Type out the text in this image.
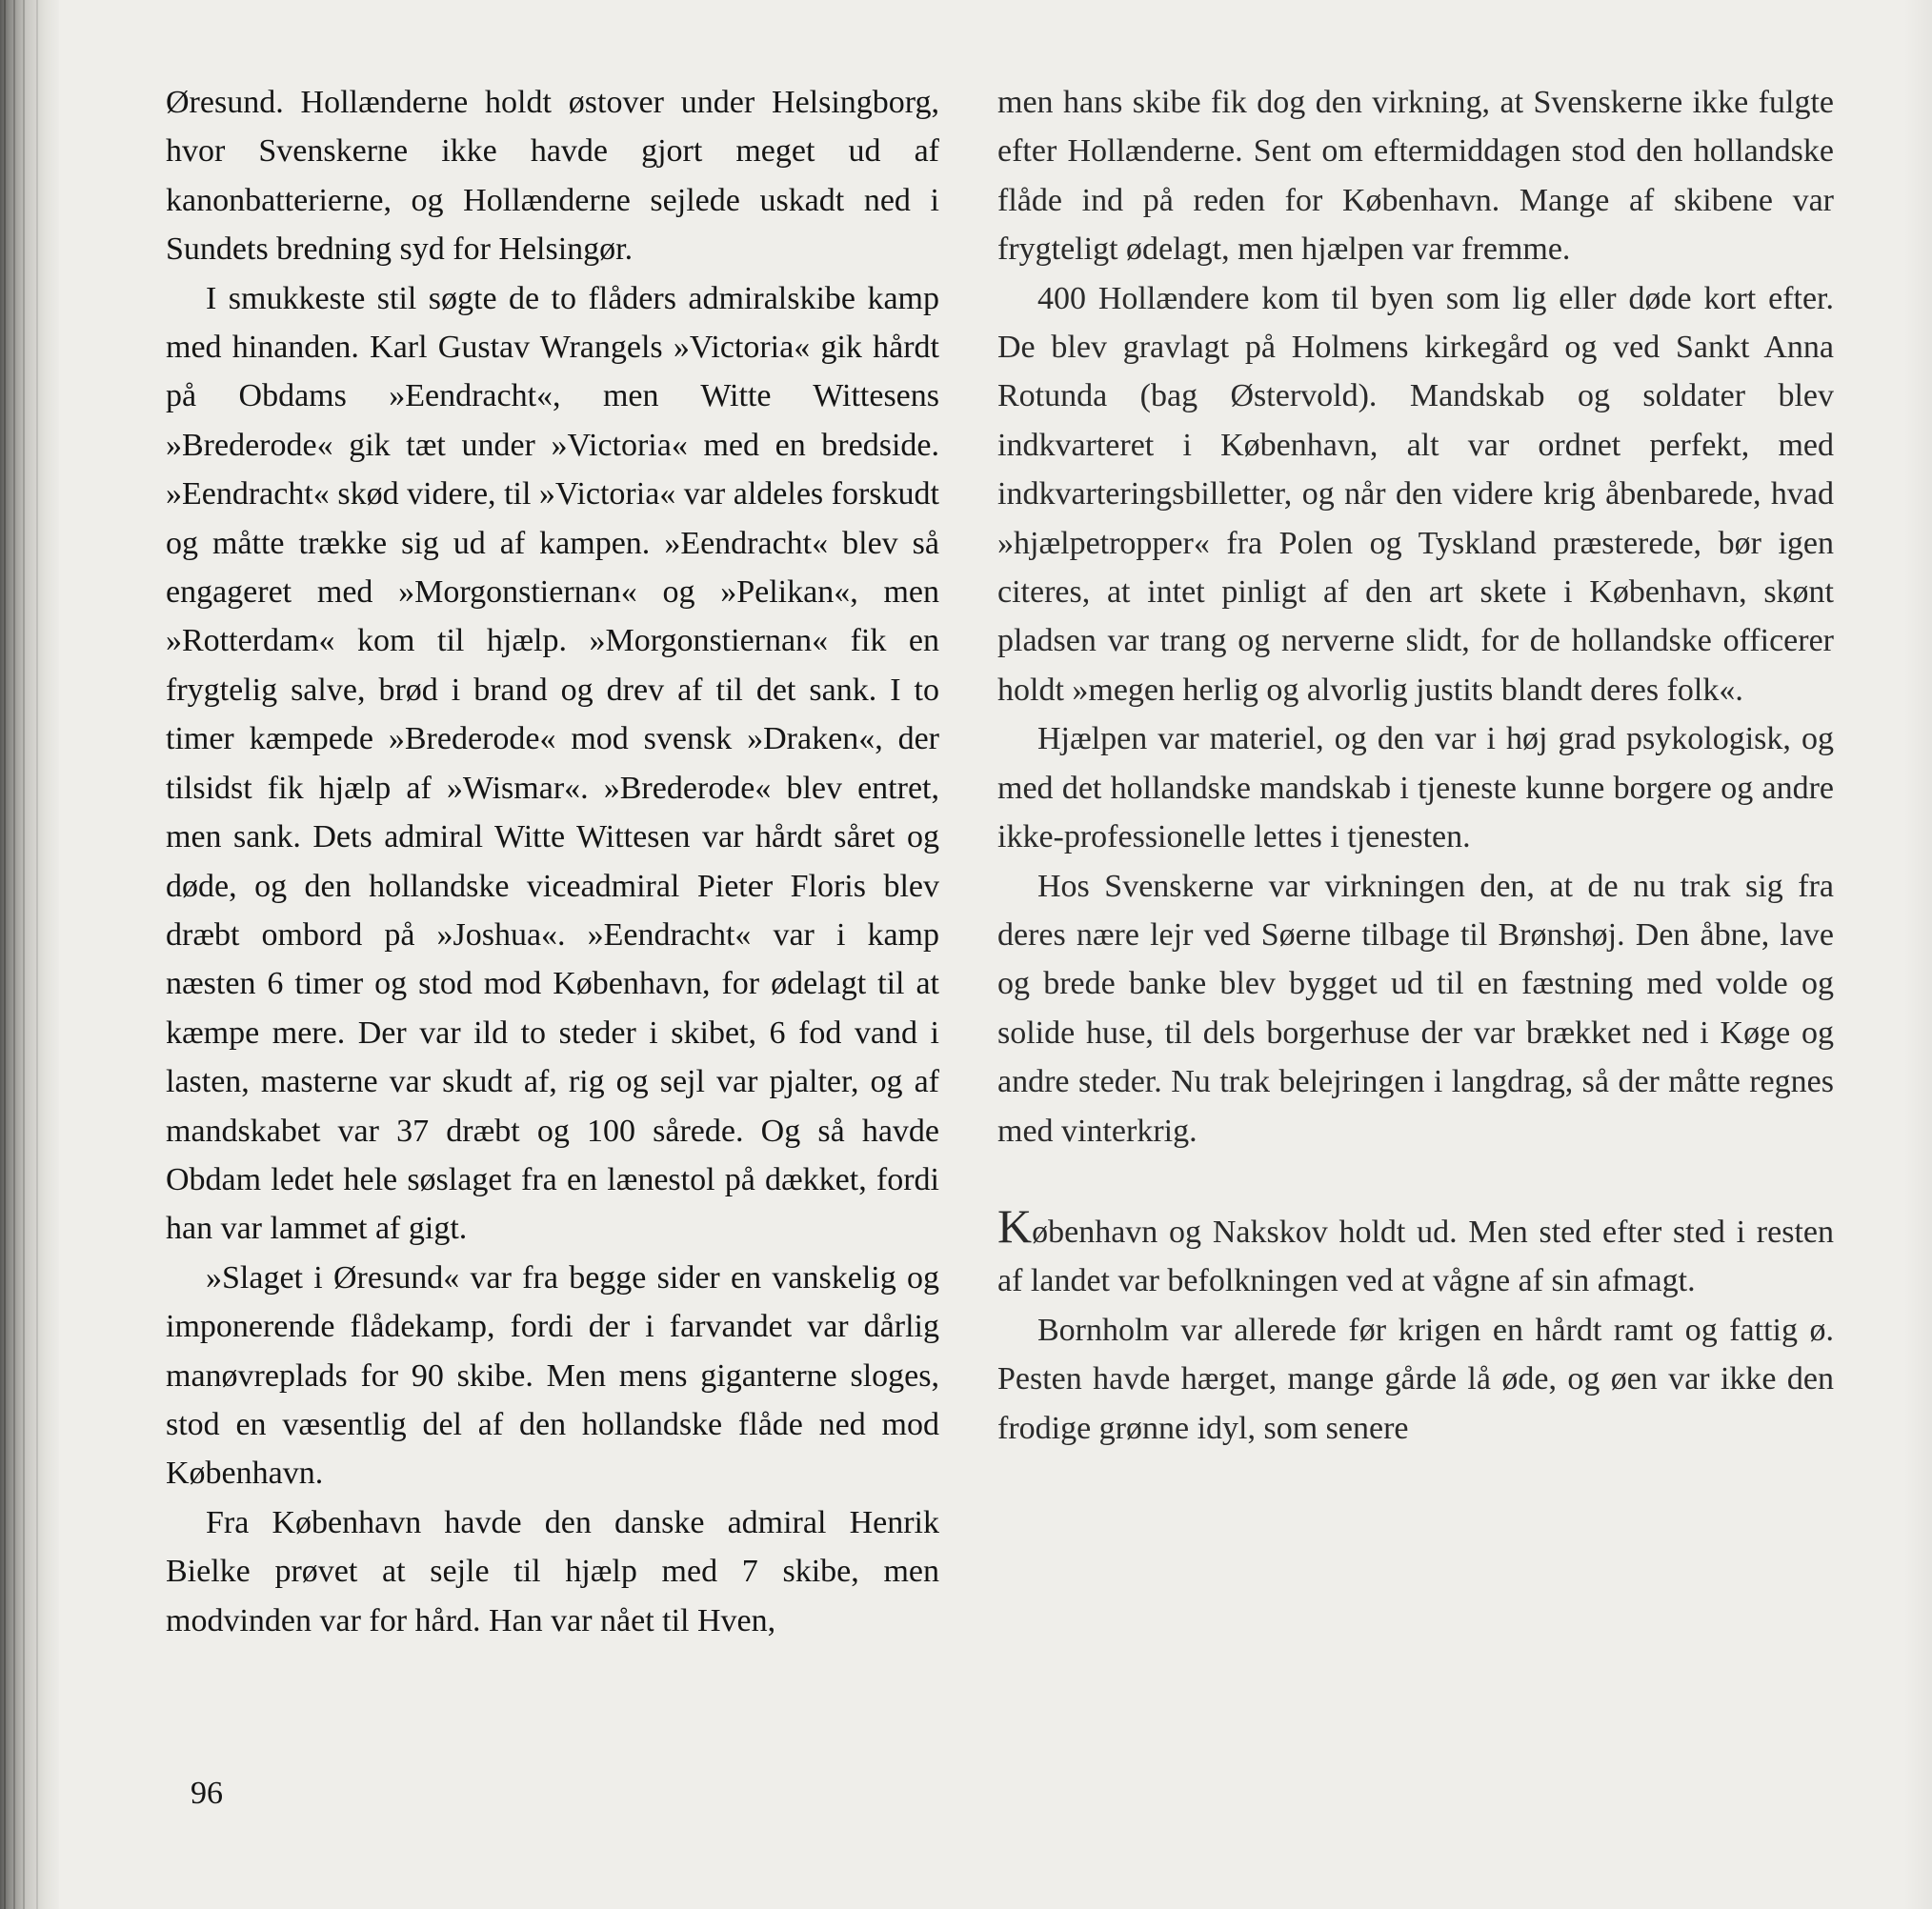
Øresund. Hollænderne holdt østover under Helsingborg, hvor Svenskerne ikke havde gjort meget ud af kanonbatterierne, og Hollænderne sejlede uskadt ned i Sundets bredning syd for Helsingør.

I smukkeste stil søgte de to flåders admiralskibe kamp med hinanden. Karl Gustav Wrangels »Victoria« gik hårdt på Obdams »Eendracht«, men Witte Wittesens »Brederode« gik tæt under »Victoria« med en bredside. »Eendracht« skød videre, til »Victoria« var aldeles forskudt og måtte trække sig ud af kampen. »Eendracht« blev så engageret med »Morgonstiernan« og »Pelikan«, men »Rotterdam« kom til hjælp. »Morgonstiernan« fik en frygtelig salve, brød i brand og drev af til det sank. I to timer kæmpede »Brederode« mod svensk »Draken«, der tilsidst fik hjælp af »Wismar«. »Brederode« blev entret, men sank. Dets admiral Witte Wittesen var hårdt såret og døde, og den hollandske viceadmiral Pieter Floris blev dræbt ombord på »Joshua«. »Eendracht« var i kamp næsten 6 timer og stod mod København, for ødelagt til at kæmpe mere. Der var ild to steder i skibet, 6 fod vand i lasten, masterne var skudt af, rig og sejl var pjalter, og af mandskabet var 37 dræbt og 100 sårede. Og så havde Obdam ledet hele søslaget fra en lænestol på dækket, fordi han var lammet af gigt.

»Slaget i Øresund« var fra begge sider en vanskelig og imponerende flådekamp, fordi der i farvandet var dårlig manøvreplads for 90 skibe. Men mens giganterne sloges, stod en væsentlig del af den hollandske flåde ned mod København.

Fra København havde den danske admiral Henrik Bielke prøvet at sejle til hjælp med 7 skibe, men modvinden var for hård. Han var nået til Hven,

men hans skibe fik dog den virkning, at Svenskerne ikke fulgte efter Hollænderne. Sent om eftermiddagen stod den hollandske flåde ind på reden for København. Mange af skibene var frygteligt ødelagt, men hjælpen var fremme.

400 Hollændere kom til byen som lig eller døde kort efter. De blev gravlagt på Holmens kirkegård og ved Sankt Anna Rotunda (bag Østervold). Mandskab og soldater blev indkvarteret i København, alt var ordnet perfekt, med indkvarteringsbilletter, og når den videre krig åbenbarede, hvad »hjælpetropper« fra Polen og Tyskland præsterede, bør igen citeres, at intet pinligt af den art skete i København, skønt pladsen var trang og nerverne slidt, for de hollandske officerer holdt »megen herlig og alvorlig justits blandt deres folk«.

Hjælpen var materiel, og den var i høj grad psykologisk, og med det hollandske mandskab i tjeneste kunne borgere og andre ikke-professionelle lettes i tjenesten.

Hos Svenskerne var virkningen den, at de nu trak sig fra deres nære lejr ved Søerne tilbage til Brønshøj. Den åbne, lave og brede banke blev bygget ud til en fæstning med volde og solide huse, til dels borgerhuse der var brækket ned i Køge og andre steder. Nu trak belejringen i langdrag, så der måtte regnes med vinterkrig.

København og Nakskov holdt ud. Men sted efter sted i resten af landet var befolkningen ved at vågne af sin afmagt.

Bornholm var allerede før krigen en hårdt ramt og fattig ø. Pesten havde hærget, mange gårde lå øde, og øen var ikke den frodige grønne idyl, som senere

96
